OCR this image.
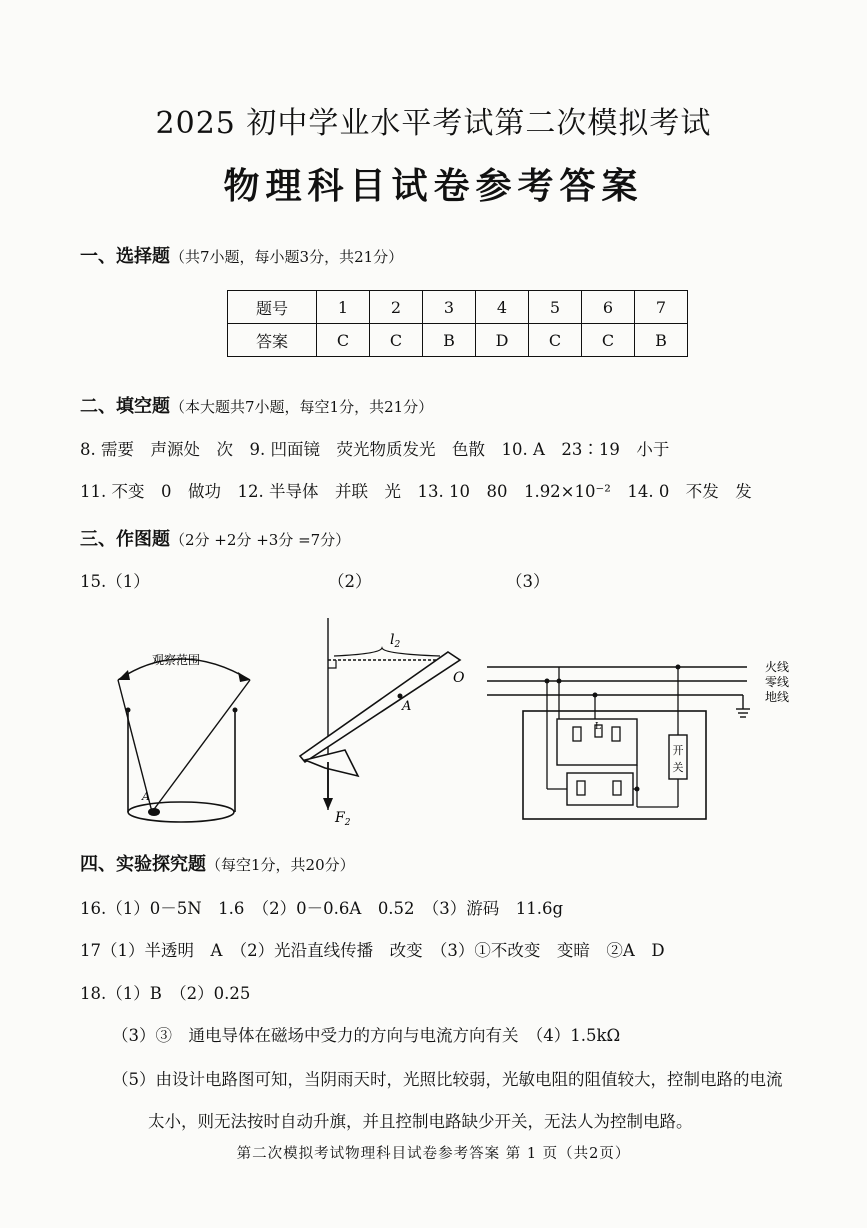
2025 初中学业水平考试第二次模拟考试
物理科目试卷参考答案
一、选择题（共7小题，每小题3分，共21分）
题号	1	2	3	4	5	6	7
答案	C	C	B	D	C	C	B
二、填空题（本大题共7小题，每空1分，共21分）
8. 需要　声源处　次　9. 凹面镜　荧光物质发光　色散　10. A　23∶19　小于
11. 不变　0　做功　12. 半导体　并联　光　13. 10　80　1.92×10⁻²　14. 0　不发　发
三、作图题（2分 +2分 +3分 =7分）
15.（1）	（2）	（3）
观察范围
A
$l_2$
A
O
$F_2$
火线
零线
地线
L
开
关
四、实验探究题（每空1分，共20分）
16.（1）0－5N　1.6　（2）0－0.6A　0.52　（3）游码　11.6g
17（1）半透明　A　（2）光沿直线传播　改变　（3）①不改变　变暗　②A　D
18.（1）B　（2）0.25
（3）③　通电导体在磁场中受力的方向与电流方向有关　（4）1.5kΩ
（5）由设计电路图可知，当阴雨天时，光照比较弱，光敏电阻的阻值较大，控制电路的电流
太小，则无法按时自动升旗，并且控制电路缺少开关，无法人为控制电路。
第二次模拟考试物理科目试卷参考答案 第 1 页（共2页）
